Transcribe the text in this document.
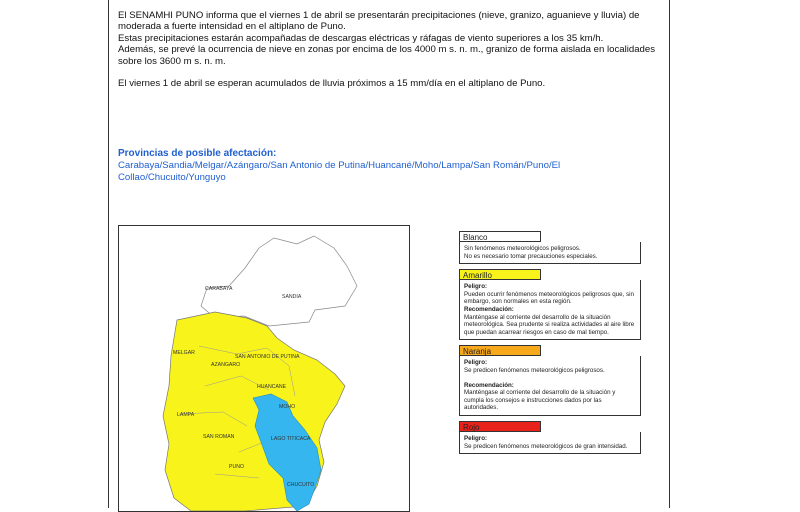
El SENAMHI PUNO informa que el viernes 1 de abril se presentarán precipitaciones (nieve, granizo, aguanieve y lluvia) de moderada a fuerte intensidad en el altiplano de Puno.

Estas precipitaciones estarán acompañadas de descargas eléctricas y ráfagas de viento superiores a los 35 km/h.

Además, se prevé la ocurrencia de nieve en zonas por encima de los 4000 m s. n. m., granizo de forma aislada en localidades sobre los 3600 m s. n. m.

El viernes 1 de abril se esperan acumulados de lluvia próximos a 15 mm/día en el altiplano de Puno.

Provincias de posible afectación:
Carabaya/Sandia/Melgar/Azángaro/San Antonio de Putina/Huancané/Moho/Lampa/San Román/Puno/El Collao/Chucuito/Yunguyo
CARABAYA
SANDIA
MELGAR
AZANGARO
SAN ANTONIO DE PUTINA
HUANCANE
MOHO
LAMPA
SAN ROMAN	LAGO TITICACA
PUNO
CHUCUITO
Blanco
Sin fenómenos meteorológicos peligrosos.
No es necesario tomar precauciones especiales.
Amarillo
Peligro:
Pueden ocurrir fenómenos meteorológicos peligrosos que, sin embargo, son normales en esta región.
Recomendación:
Manténgase al corriente del desarrollo de la situación meteorológica. Sea prudente si realiza actividades al aire libre que puedan acarrear riesgos en caso de mal tiempo.
Naranja
Peligro:
Se predicen fenómenos meteorológicos peligrosos.
Recomendación:
Manténgase al corriente del desarrollo de la situación y cumpla los consejos e instrucciones dados por las autoridades.
Rojo
Peligro:
Se predicen fenómenos meteorológicos de gran intensidad.
